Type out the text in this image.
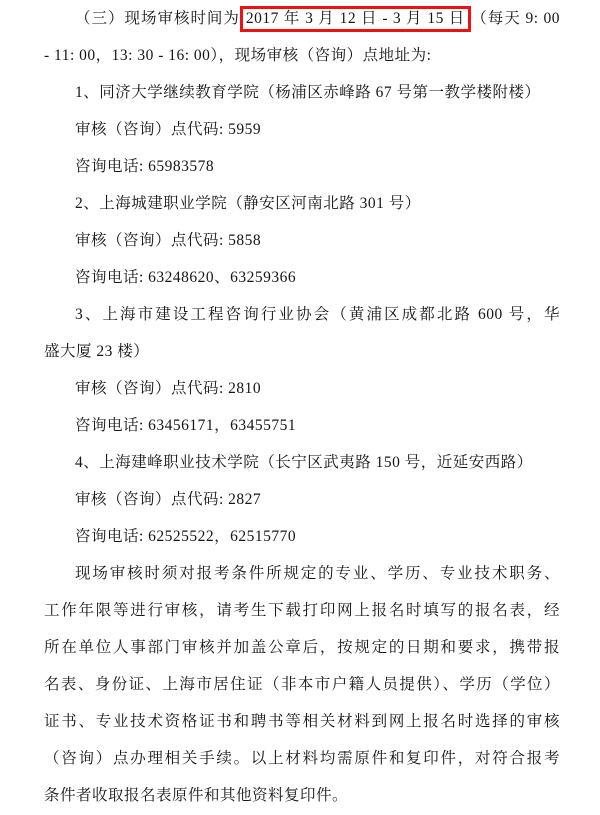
（三）现场审核时间为 2017 年 3 月 12 日 - 3 月 15 日 （每天 9: 00
- 11: 00，13: 30 - 16: 00），现场审核（咨询）点地址为:
1、同济大学继续教育学院（杨浦区赤峰路 67 号第一教学楼附楼）
审核（咨询）点代码: 5959
咨询电话: 65983578
2、上海城建职业学院（静安区河南北路 301 号）
审核（咨询）点代码: 5858
咨询电话: 63248620、63259366
3、上海市建设工程咨询行业协会（黄浦区成都北路 600 号，华
盛大厦 23 楼）
审核（咨询）点代码: 2810
咨询电话: 63456171，63455751
4、上海建峰职业技术学院（长宁区武夷路 150 号，近延安西路）
审核（咨询）点代码: 2827
咨询电话: 62525522，62515770
现场审核时须对报考条件所规定的专业、学历、专业技术职务、
工作年限等进行审核，请考生下载打印网上报名时填写的报名表，经
所在单位人事部门审核并加盖公章后，按规定的日期和要求，携带报
名表、身份证、上海市居住证（非本市户籍人员提供）、学历（学位）
证书、专业技术资格证书和聘书等相关材料到网上报名时选择的审核
（咨询）点办理相关手续。以上材料均需原件和复印件，对符合报考
条件者收取报名表原件和其他资料复印件。
